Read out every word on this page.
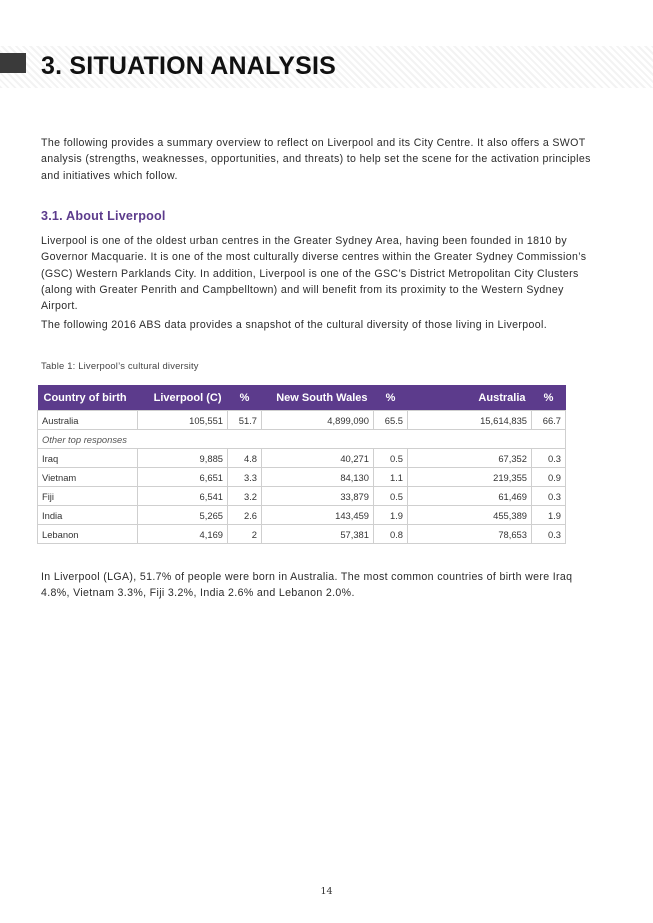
3. SITUATION ANALYSIS

The following provides a summary overview to reflect on Liverpool and its City Centre. It also offers a SWOT analysis (strengths, weaknesses, opportunities, and threats) to help set the scene for the activation principles and initiatives which follow.

3.1. About Liverpool

Liverpool is one of the oldest urban centres in the Greater Sydney Area, having been founded in 1810 by Governor Macquarie. It is one of the most culturally diverse centres within the Greater Sydney Commission’s (GSC) Western Parklands City. In addition, Liverpool is one of the GSC’s District Metropolitan City Clusters (along with Greater Penrith and Campbelltown) and will benefit from its proximity to the Western Sydney Airport.

The following 2016 ABS data provides a snapshot of the cultural diversity of those living in Liverpool.

Table 1: Liverpool’s cultural diversity

Country of birth	Liverpool (C)	%	New South Wales	%	Australia	%
Australia	105,551	51.7	4,899,090	65.5	15,614,835	66.7
Other top responses						
Iraq	9,885	4.8	40,271	0.5	67,352	0.3
Vietnam	6,651	3.3	84,130	1.1	219,355	0.9
Fiji	6,541	3.2	33,879	0.5	61,469	0.3
India	5,265	2.6	143,459	1.9	455,389	1.9
Lebanon	4,169	2	57,381	0.8	78,653	0.3

In Liverpool (LGA), 51.7% of people were born in Australia. The most common countries of birth were Iraq 4.8%, Vietnam 3.3%, Fiji 3.2%, India 2.6% and Lebanon 2.0%.

14
